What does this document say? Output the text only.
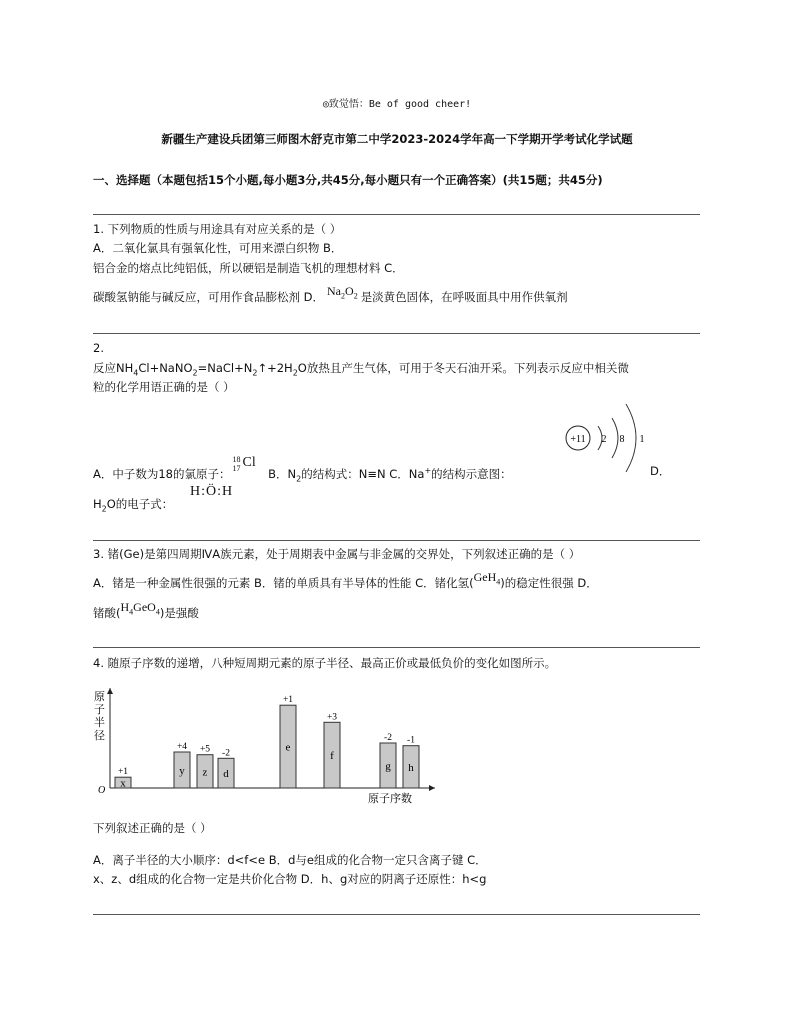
◎致觉悟：Be of good cheer!
新疆生产建设兵团第三师图木舒克市第二中学2023-2024学年高一下学期开学考试化学试题
一、选择题（本题包括15个小题,每小题3分,共45分,每小题只有一个正确答案）(共15题；共45分)
1. 下列物质的性质与用途具有对应关系的是（ ）
A．二氧化氯具有强氧化性，可用来漂白织物 B．
铝合金的熔点比纯铝低，所以硬铝是制造飞机的理想材料 C．
碳酸氢钠能与碱反应，可用作食品膨松剂 D． $Na_2O_2$ 是淡黄色固体，在呼吸面具中用作供氧剂
2.
反应$NH_4Cl+NaNO_2=NaCl+N_2↑+2H_2O$放热且产生气体，可用于冬天石油开采。下列表示反应中相关微
粒的化学用语正确的是（ ）
+11 2 8 1
A．中子数为18的氯原子：
18
17 Cl
B．$N_2$的结构式：N≡N C．Na+的结构示意图：	D．
$H_2O$的电子式：
H:Ö:H
3. 锗(Ge)是第四周期ⅣA族元素，处于周期表中金属与非金属的交界处，下列叙述正确的是（ ）
A．锗是一种金属性很强的元素 B．锗的单质具有半导体的性能 C．锗化氢(GeH$_4$)的稳定性很强 D．
锗酸$(H_4GeO_4)$是强酸
4. 随原子序数的递增，八种短周期元素的原子半径、最高正价或最低负价的变化如图所示。
O
原
子
半
径
原子序数
x
+1	y
+4
z
+5
d
-2	e
+1
f
+3
g
-2
h
-1
下列叙述正确的是（ ）
A．离子半径的大小顺序：d<f<e B．d与e组成的化合物一定只含离子键 C．
x、z、d组成的化合物一定是共价化合物 D．h、g对应的阴离子还原性：h<g
